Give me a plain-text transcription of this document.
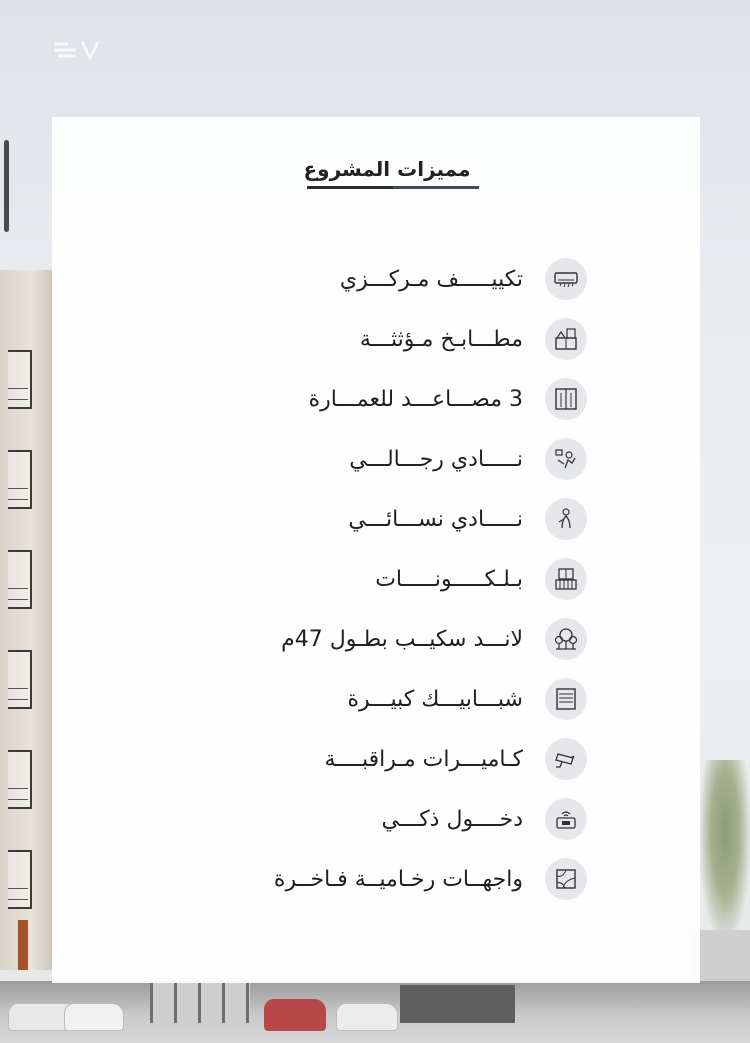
مميزات المشروع
تكييـــــف مـركـــزي
مطـــابـخ مـؤثثـــة
3 مصـــاعـــد للعمـــارة
نـــــادي رجـــالـــي
نـــــادي نســـائـــي
بـلـكـــــونـــــات
لانـــد سكيــب بطـول 47م
شبـــابيـــك كبيـــرة
كـاميـــرات مـراقبــــة
دخــــول ذكـــي
واجهــات رخـاميــة فـاخــرة
